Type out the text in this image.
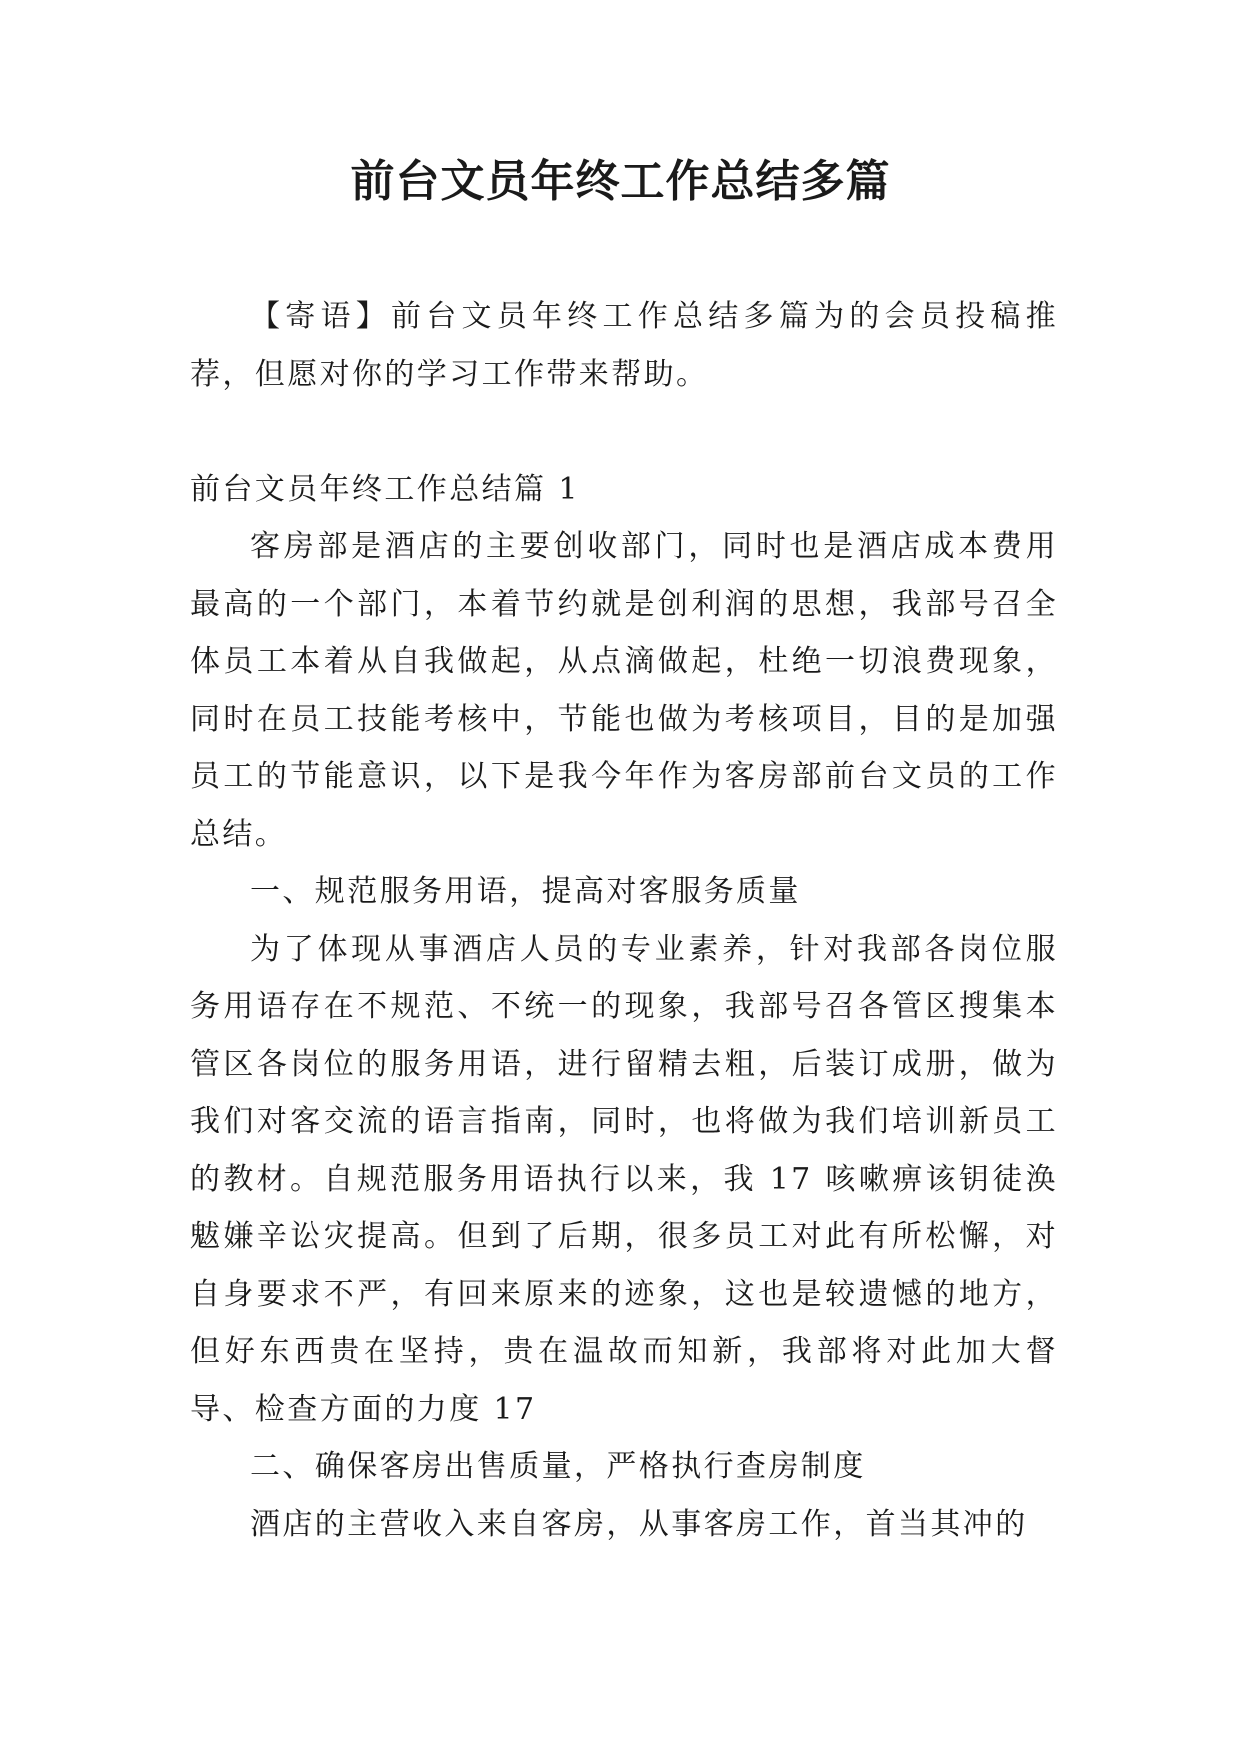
前台文员年终工作总结多篇

【寄语】前台文员年终工作总结多篇为的会员投稿推荐，但愿对你的学习工作带来帮助。

前台文员年终工作总结篇 1

客房部是酒店的主要创收部门，同时也是酒店成本费用最高的一个部门，本着节约就是创利润的思想，我部号召全体员工本着从自我做起，从点滴做起，杜绝一切浪费现象，同时在员工技能考核中，节能也做为考核项目，目的是加强员工的节能意识，以下是我今年作为客房部前台文员的工作总结。

一、规范服务用语，提高对客服务质量

为了体现从事酒店人员的专业素养，针对我部各岗位服务用语存在不规范、不统一的现象，我部号召各管区搜集本管区各岗位的服务用语，进行留精去粗，后装订成册，做为我们对客交流的语言指南，同时，也将做为我们培训新员工的教材。自规范服务用语执行以来，我 17 咳嗽痹该钥徒涣魃嫌辛讼灾提高。但到了后期，很多员工对此有所松懈，对自身要求不严，有回来原来的迹象，这也是较遗憾的地方，但好东西贵在坚持，贵在温故而知新，我部将对此加大督导、检查方面的力度 17

二、确保客房出售质量，严格执行查房制度

酒店的主营收入来自客房，从事客房工作，首当其冲的
